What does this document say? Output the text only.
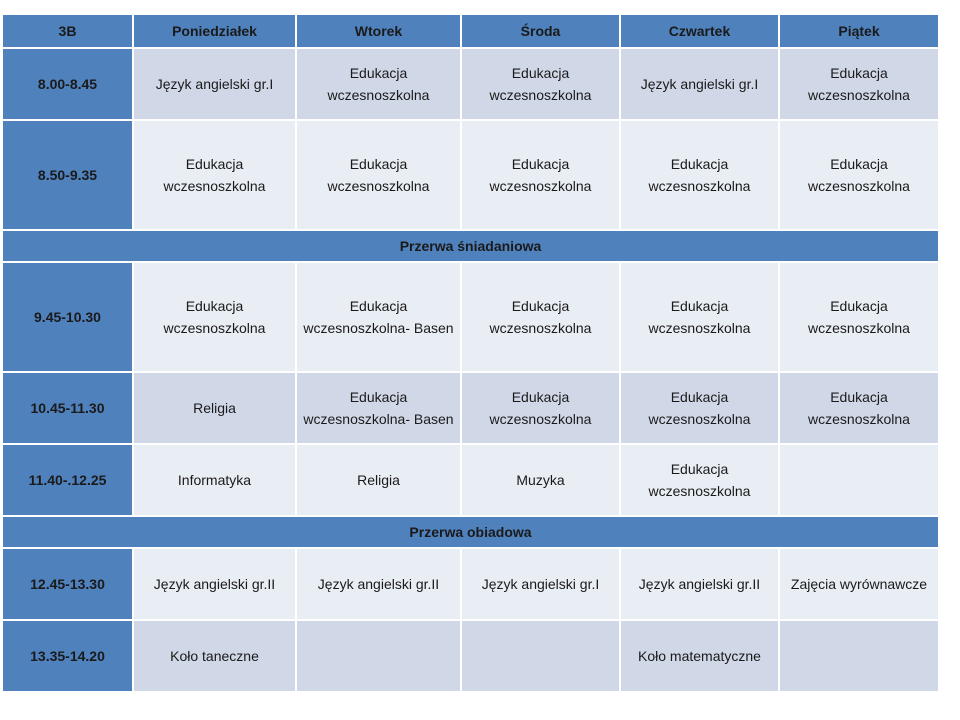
3B	Poniedziałek	Wtorek	Środa	Czwartek	Piątek
8.00-8.45	Język angielski gr.I	Edukacja wczesnoszkolna	Edukacja wczesnoszkolna	Język angielski gr.I	Edukacja wczesnoszkolna
8.50-9.35	Edukacja wczesnoszkolna	Edukacja wczesnoszkolna	Edukacja wczesnoszkolna	Edukacja wczesnoszkolna	Edukacja wczesnoszkolna
Przerwa śniadaniowa					
9.45-10.30	Edukacja wczesnoszkolna	Edukacja wczesnoszkolna- Basen	Edukacja wczesnoszkolna	Edukacja wczesnoszkolna	Edukacja wczesnoszkolna
10.45-11.30	Religia	Edukacja wczesnoszkolna- Basen	Edukacja wczesnoszkolna	Edukacja wczesnoszkolna	Edukacja wczesnoszkolna
11.40-.12.25	Informatyka	Religia	Muzyka	Edukacja wczesnoszkolna	
Przerwa obiadowa					
12.45-13.30	Język angielski gr.II	Język angielski gr.II	Język angielski gr.I	Język angielski gr.II	Zajęcia wyrównawcze
13.35-14.20	Koło taneczne			Koło matematyczne	
